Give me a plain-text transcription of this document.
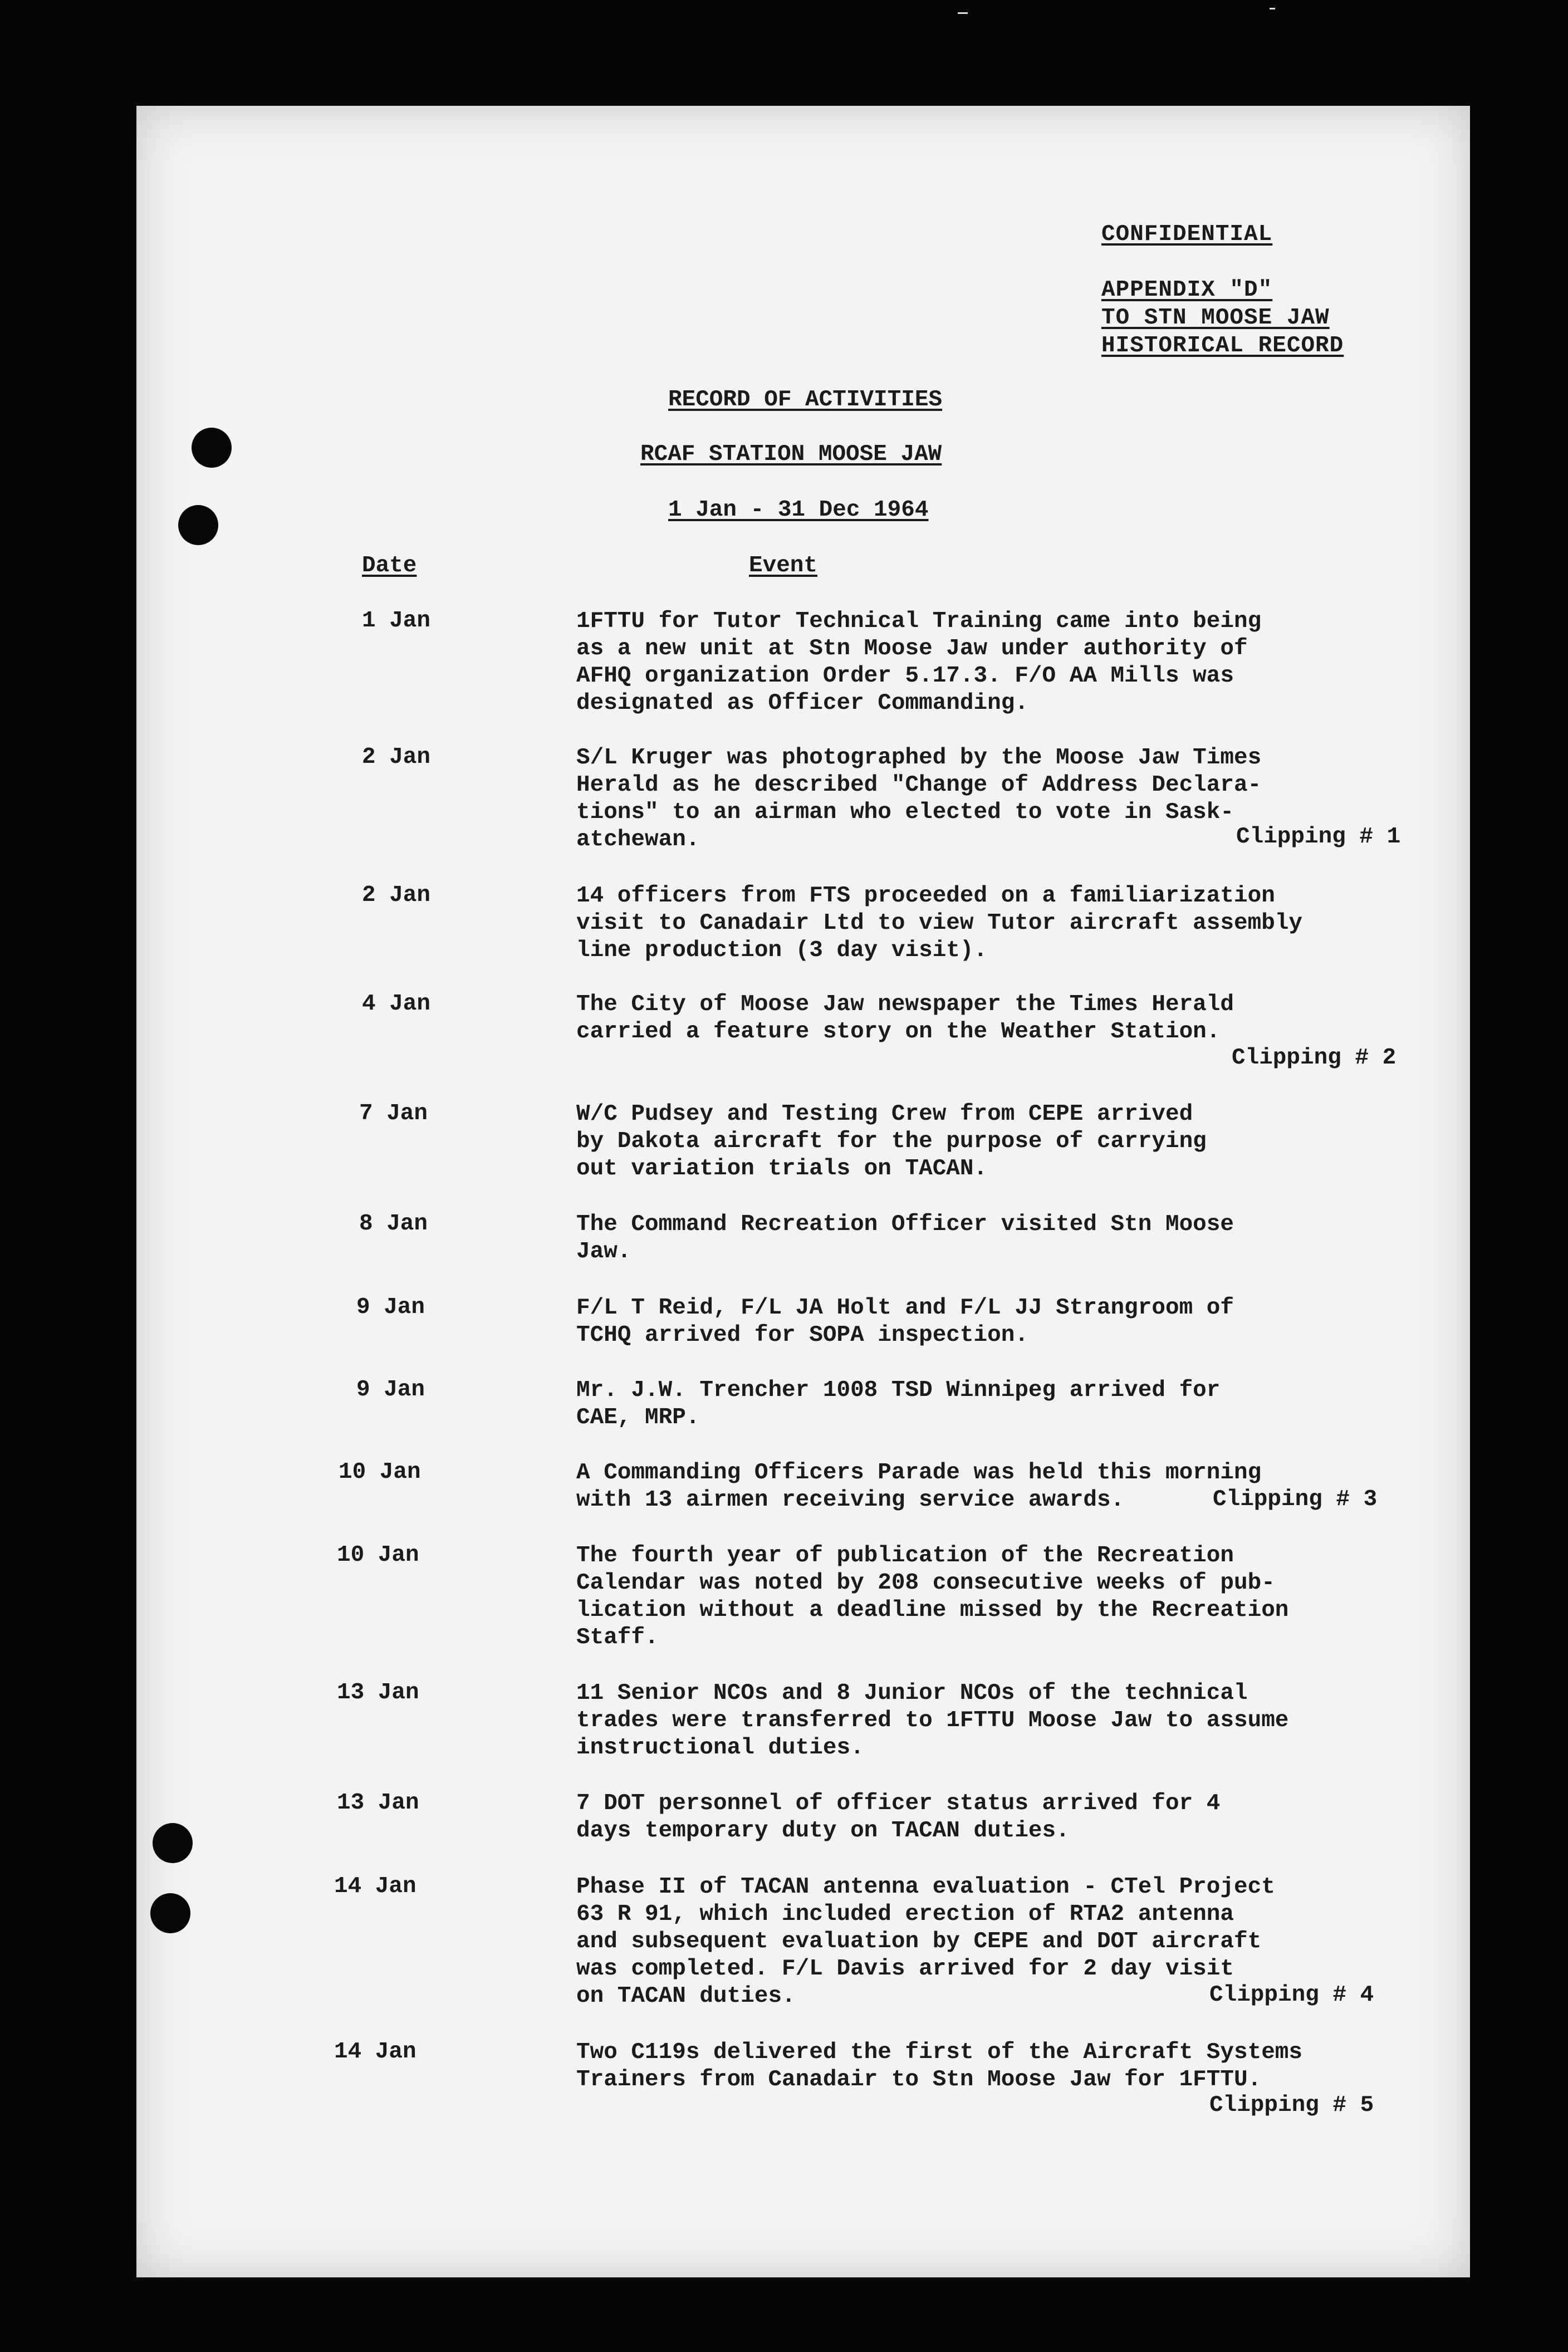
CONFIDENTIAL
APPENDIX "D"
TO STN MOOSE JAW
HISTORICAL RECORD
RECORD OF ACTIVITIES
RCAF STATION MOOSE JAW
1 Jan - 31 Dec 1964
Date	Event
1 Jan	1FTTU for Tutor Technical Training came into being
as a new unit at Stn Moose Jaw under authority of
AFHQ organization Order 5.17.3. F/O AA Mills was
designated as Officer Commanding.
2 Jan	S/L Kruger was photographed by the Moose Jaw Times
Herald as he described "Change of Address Declara-
tions" to an airman who elected to vote in Sask-
atchewan.	Clipping # 1
2 Jan	14 officers from FTS proceeded on a familiarization
visit to Canadair Ltd to view Tutor aircraft assembly
line production (3 day visit).
4 Jan	The City of Moose Jaw newspaper the Times Herald
carried a feature story on the Weather Station.
Clipping # 2
7 Jan	W/C Pudsey and Testing Crew from CEPE arrived
by Dakota aircraft for the purpose of carrying
out variation trials on TACAN.
8 Jan	The Command Recreation Officer visited Stn Moose
Jaw.
9 Jan	F/L T Reid, F/L JA Holt and F/L JJ Strangroom of
TCHQ arrived for SOPA inspection.
9 Jan	Mr. J.W. Trencher 1008 TSD Winnipeg arrived for
CAE, MRP.
10 Jan	A Commanding Officers Parade was held this morning
with 13 airmen receiving service awards.	Clipping # 3
10 Jan	The fourth year of publication of the Recreation
Calendar was noted by 208 consecutive weeks of pub-
lication without a deadline missed by the Recreation
Staff.
13 Jan	11 Senior NCOs and 8 Junior NCOs of the technical
trades were transferred to 1FTTU Moose Jaw to assume
instructional duties.
13 Jan	7 DOT personnel of officer status arrived for 4
days temporary duty on TACAN duties.
14 Jan	Phase II of TACAN antenna evaluation - CTel Project
63 R 91, which included erection of RTA2 antenna
and subsequent evaluation by CEPE and DOT aircraft
was completed. F/L Davis arrived for 2 day visit
on TACAN duties.	Clipping # 4
14 Jan	Two C119s delivered the first of the Aircraft Systems
Trainers from Canadair to Stn Moose Jaw for 1FTTU.
Clipping # 5
